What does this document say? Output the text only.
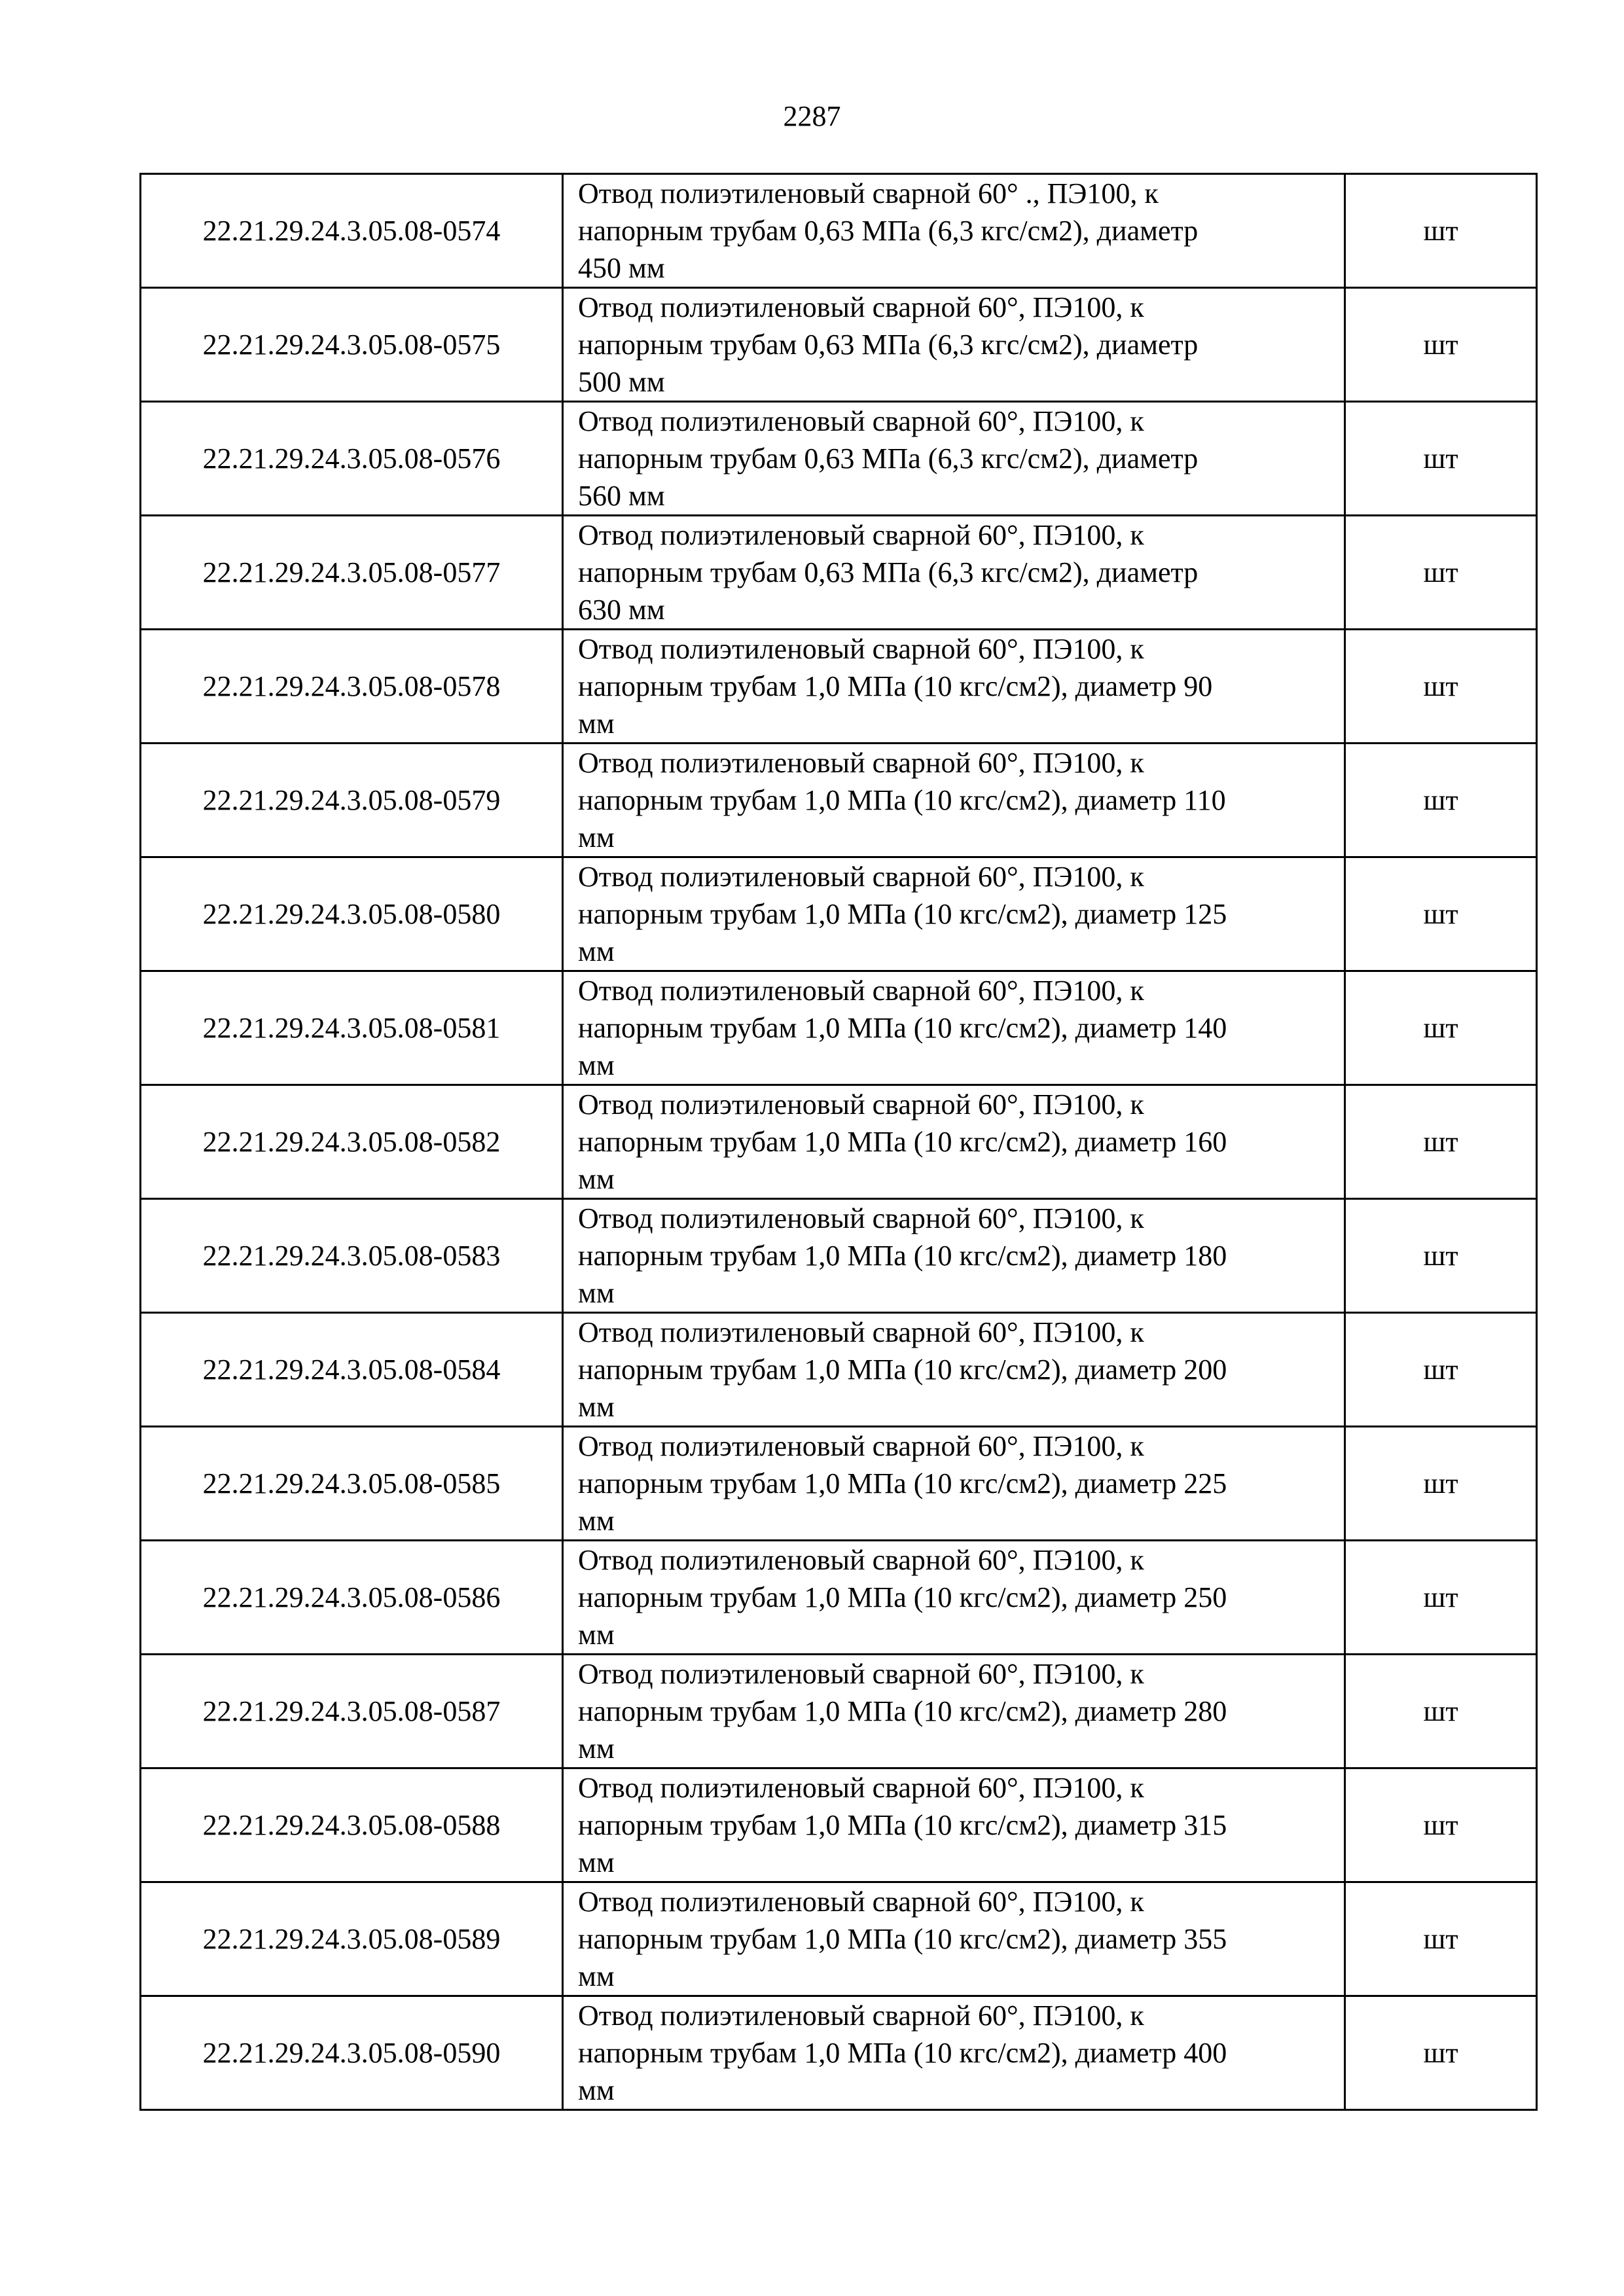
2287
22.21.29.24.3.05.08-0574	Отвод полиэтиленовый сварной 60° ., ПЭ100, к
напорным трубам 0,63 МПа (6,3 кгс/см2), диаметр
450 мм	шт
22.21.29.24.3.05.08-0575	Отвод полиэтиленовый сварной 60°, ПЭ100, к
напорным трубам 0,63 МПа (6,3 кгс/см2), диаметр
500 мм	шт
22.21.29.24.3.05.08-0576	Отвод полиэтиленовый сварной 60°, ПЭ100, к
напорным трубам 0,63 МПа (6,3 кгс/см2), диаметр
560 мм	шт
22.21.29.24.3.05.08-0577	Отвод полиэтиленовый сварной 60°, ПЭ100, к
напорным трубам 0,63 МПа (6,3 кгс/см2), диаметр
630 мм	шт
22.21.29.24.3.05.08-0578	Отвод полиэтиленовый сварной 60°, ПЭ100, к
напорным трубам 1,0 МПа (10 кгс/см2), диаметр 90
мм	шт
22.21.29.24.3.05.08-0579	Отвод полиэтиленовый сварной 60°, ПЭ100, к
напорным трубам 1,0 МПа (10 кгс/см2), диаметр 110
мм	шт
22.21.29.24.3.05.08-0580	Отвод полиэтиленовый сварной 60°, ПЭ100, к
напорным трубам 1,0 МПа (10 кгс/см2), диаметр 125
мм	шт
22.21.29.24.3.05.08-0581	Отвод полиэтиленовый сварной 60°, ПЭ100, к
напорным трубам 1,0 МПа (10 кгс/см2), диаметр 140
мм	шт
22.21.29.24.3.05.08-0582	Отвод полиэтиленовый сварной 60°, ПЭ100, к
напорным трубам 1,0 МПа (10 кгс/см2), диаметр 160
мм	шт
22.21.29.24.3.05.08-0583	Отвод полиэтиленовый сварной 60°, ПЭ100, к
напорным трубам 1,0 МПа (10 кгс/см2), диаметр 180
мм	шт
22.21.29.24.3.05.08-0584	Отвод полиэтиленовый сварной 60°, ПЭ100, к
напорным трубам 1,0 МПа (10 кгс/см2), диаметр 200
мм	шт
22.21.29.24.3.05.08-0585	Отвод полиэтиленовый сварной 60°, ПЭ100, к
напорным трубам 1,0 МПа (10 кгс/см2), диаметр 225
мм	шт
22.21.29.24.3.05.08-0586	Отвод полиэтиленовый сварной 60°, ПЭ100, к
напорным трубам 1,0 МПа (10 кгс/см2), диаметр 250
мм	шт
22.21.29.24.3.05.08-0587	Отвод полиэтиленовый сварной 60°, ПЭ100, к
напорным трубам 1,0 МПа (10 кгс/см2), диаметр 280
мм	шт
22.21.29.24.3.05.08-0588	Отвод полиэтиленовый сварной 60°, ПЭ100, к
напорным трубам 1,0 МПа (10 кгс/см2), диаметр 315
мм	шт
22.21.29.24.3.05.08-0589	Отвод полиэтиленовый сварной 60°, ПЭ100, к
напорным трубам 1,0 МПа (10 кгс/см2), диаметр 355
мм	шт
22.21.29.24.3.05.08-0590	Отвод полиэтиленовый сварной 60°, ПЭ100, к
напорным трубам 1,0 МПа (10 кгс/см2), диаметр 400
мм	шт
